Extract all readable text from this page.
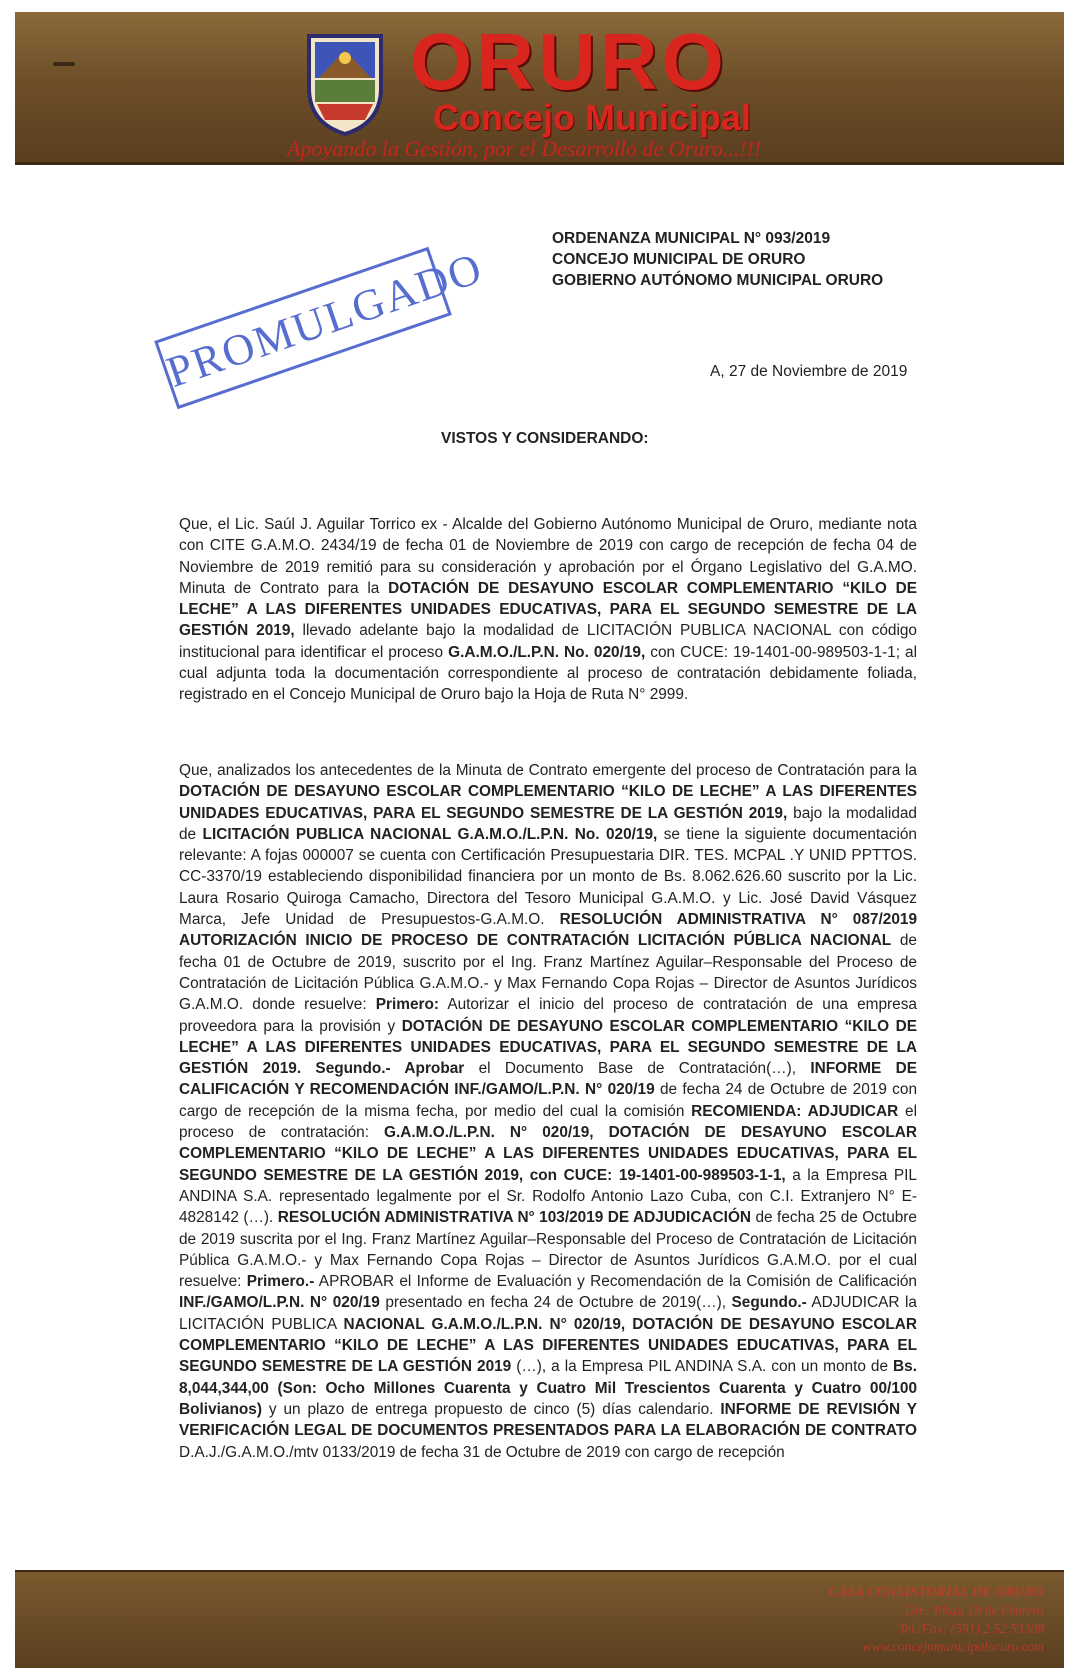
ORURO
Concejo Municipal
Apoyando la Gestión, por el Desarrollo de Oruro...!!!
ORDENANZA MUNICIPAL N° 093/2019
CONCEJO MUNICIPAL DE ORURO
GOBIERNO AUTÓNOMO MUNICIPAL ORURO
PROMULGADO	A, 27 de Noviembre de 2019
VISTOS Y CONSIDERANDO:
Que, el Lic. Saúl J. Aguilar Torrico ex - Alcalde del Gobierno Autónomo Municipal de Oruro, mediante nota con CITE G.A.M.O. 2434/19 de fecha 01 de Noviembre de 2019 con cargo de recepción de fecha 04 de Noviembre de 2019 remitió para su consideración y aprobación por el Órgano Legislativo del G.A.MO. Minuta de Contrato para la DOTACIÓN DE DESAYUNO ESCOLAR COMPLEMENTARIO “KILO DE LECHE” A LAS DIFERENTES UNIDADES EDUCATIVAS, PARA EL SEGUNDO SEMESTRE DE LA GESTIÓN 2019, llevado adelante bajo la modalidad de LICITACIÓN PUBLICA NACIONAL con código institucional para identificar el proceso G.A.M.O./L.P.N. No. 020/19, con CUCE: 19-1401-00-989503-1-1; al cual adjunta toda la documentación correspondiente al proceso de contratación debidamente foliada, registrado en el Concejo Municipal de Oruro bajo la Hoja de Ruta N° 2999.
Que, analizados los antecedentes de la Minuta de Contrato emergente del proceso de Contratación para la DOTACIÓN DE DESAYUNO ESCOLAR COMPLEMENTARIO “KILO DE LECHE” A LAS DIFERENTES UNIDADES EDUCATIVAS, PARA EL SEGUNDO SEMESTRE DE LA GESTIÓN 2019, bajo la modalidad de LICITACIÓN PUBLICA NACIONAL G.A.M.O./L.P.N. No. 020/19, se tiene la siguiente documentación relevante: A fojas 000007 se cuenta con Certificación Presupuestaria DIR. TES. MCPAL .Y UNID PPTTOS. CC-3370/19 estableciendo disponibilidad financiera por un monto de Bs. 8.062.626.60 suscrito por la Lic. Laura Rosario Quiroga Camacho, Directora del Tesoro Municipal G.A.M.O. y Lic. José David Vásquez Marca, Jefe Unidad de Presupuestos-G.A.M.O. RESOLUCIÓN ADMINISTRATIVA N° 087/2019 AUTORIZACIÓN INICIO DE PROCESO DE CONTRATACIÓN LICITACIÓN PÚBLICA NACIONAL de fecha 01 de Octubre de 2019, suscrito por el Ing. Franz Martínez Aguilar–Responsable del Proceso de Contratación de Licitación Pública G.A.M.O.- y Max Fernando Copa Rojas – Director de Asuntos Jurídicos G.A.M.O. donde resuelve: Primero: Autorizar el inicio del proceso de contratación de una empresa proveedora para la provisión y DOTACIÓN DE DESAYUNO ESCOLAR COMPLEMENTARIO “KILO DE LECHE” A LAS DIFERENTES UNIDADES EDUCATIVAS, PARA EL SEGUNDO SEMESTRE DE LA GESTIÓN 2019. Segundo.- Aprobar el Documento Base de Contratación(…), INFORME DE CALIFICACIÓN Y RECOMENDACIÓN INF./GAMO/L.P.N. N° 020/19 de fecha 24 de Octubre de 2019 con cargo de recepción de la misma fecha, por medio del cual la comisión RECOMIENDA: ADJUDICAR el proceso de contratación: G.A.M.O./L.P.N. N° 020/19, DOTACIÓN DE DESAYUNO ESCOLAR COMPLEMENTARIO “KILO DE LECHE” A LAS DIFERENTES UNIDADES EDUCATIVAS, PARA EL SEGUNDO SEMESTRE DE LA GESTIÓN 2019, con CUCE: 19-1401-00-989503-1-1, a la Empresa PIL ANDINA S.A. representado legalmente por el Sr. Rodolfo Antonio Lazo Cuba, con C.I. Extranjero N° E-4828142 (…). RESOLUCIÓN ADMINISTRATIVA N° 103/2019 DE ADJUDICACIÓN de fecha 25 de Octubre de 2019 suscrita por el Ing. Franz Martínez Aguilar–Responsable del Proceso de Contratación de Licitación Pública G.A.M.O.- y Max Fernando Copa Rojas – Director de Asuntos Jurídicos G.A.M.O. por el cual resuelve: Primero.- APROBAR el Informe de Evaluación y Recomendación de la Comisión de Calificación INF./GAMO/L.P.N. N° 020/19 presentado en fecha 24 de Octubre de 2019(…), Segundo.- ADJUDICAR la LICITACIÓN PUBLICA NACIONAL G.A.M.O./L.P.N. N° 020/19, DOTACIÓN DE DESAYUNO ESCOLAR COMPLEMENTARIO “KILO DE LECHE” A LAS DIFERENTES UNIDADES EDUCATIVAS, PARA EL SEGUNDO SEMESTRE DE LA GESTIÓN 2019 (…), a la Empresa PIL ANDINA S.A. con un monto de Bs. 8,044,344,00 (Son: Ocho Millones Cuarenta y Cuatro Mil Trescientos Cuarenta y Cuatro 00/100 Bolivianos) y un plazo de entrega propuesto de cinco (5) días calendario. INFORME DE REVISIÓN Y VERIFICACIÓN LEGAL DE DOCUMENTOS PRESENTADOS PARA LA ELABORACIÓN DE CONTRATO D.A.J./G.A.M.O./mtv 0133/2019 de fecha 31 de Octubre de 2019 con cargo de recepción
CASA CONSISTORIAL DE ORURO
Dir.: Plaza 10 de Febrero
Tel./Fax: (591) 2 52 53308
www.concejomunicipaloruro.com
